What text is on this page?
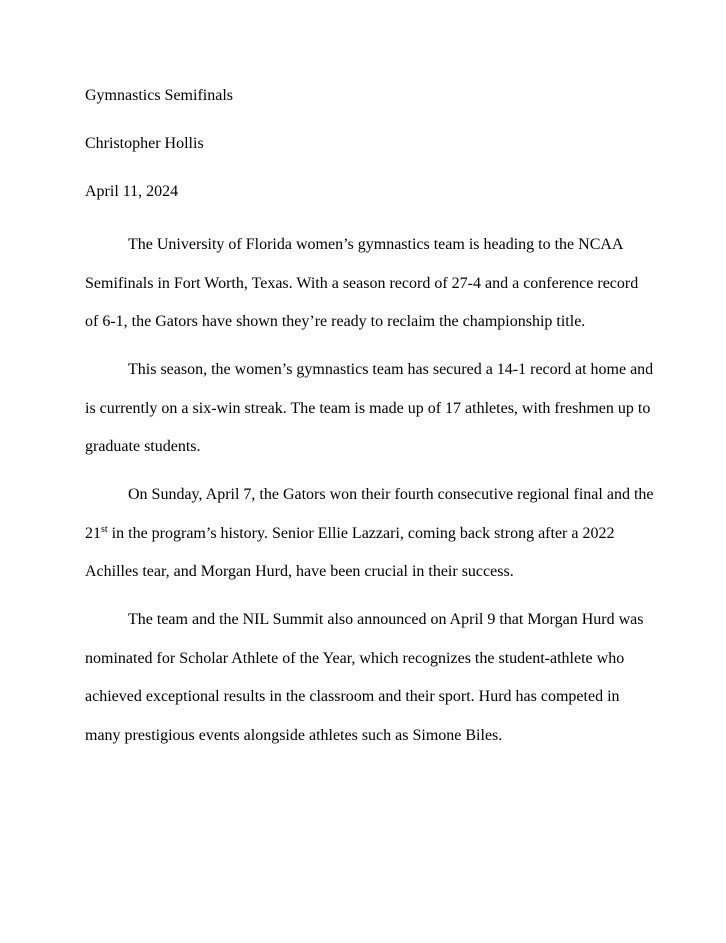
Gymnastics Semifinals

Christopher Hollis

April 11, 2024

The University of Florida women’s gymnastics team is heading to the NCAA Semifinals in Fort Worth, Texas. With a season record of 27-4 and a conference record of 6-1, the Gators have shown they’re ready to reclaim the championship title.

This season, the women’s gymnastics team has secured a 14-1 record at home and is currently on a six-win streak. The team is made up of 17 athletes, with freshmen up to graduate students.

On Sunday, April 7, the Gators won their fourth consecutive regional final and the 21st in the program’s history. Senior Ellie Lazzari, coming back strong after a 2022 Achilles tear, and Morgan Hurd, have been crucial in their success.

The team and the NIL Summit also announced on April 9 that Morgan Hurd was nominated for Scholar Athlete of the Year, which recognizes the student-athlete who achieved exceptional results in the classroom and their sport. Hurd has competed in many prestigious events alongside athletes such as Simone Biles.
